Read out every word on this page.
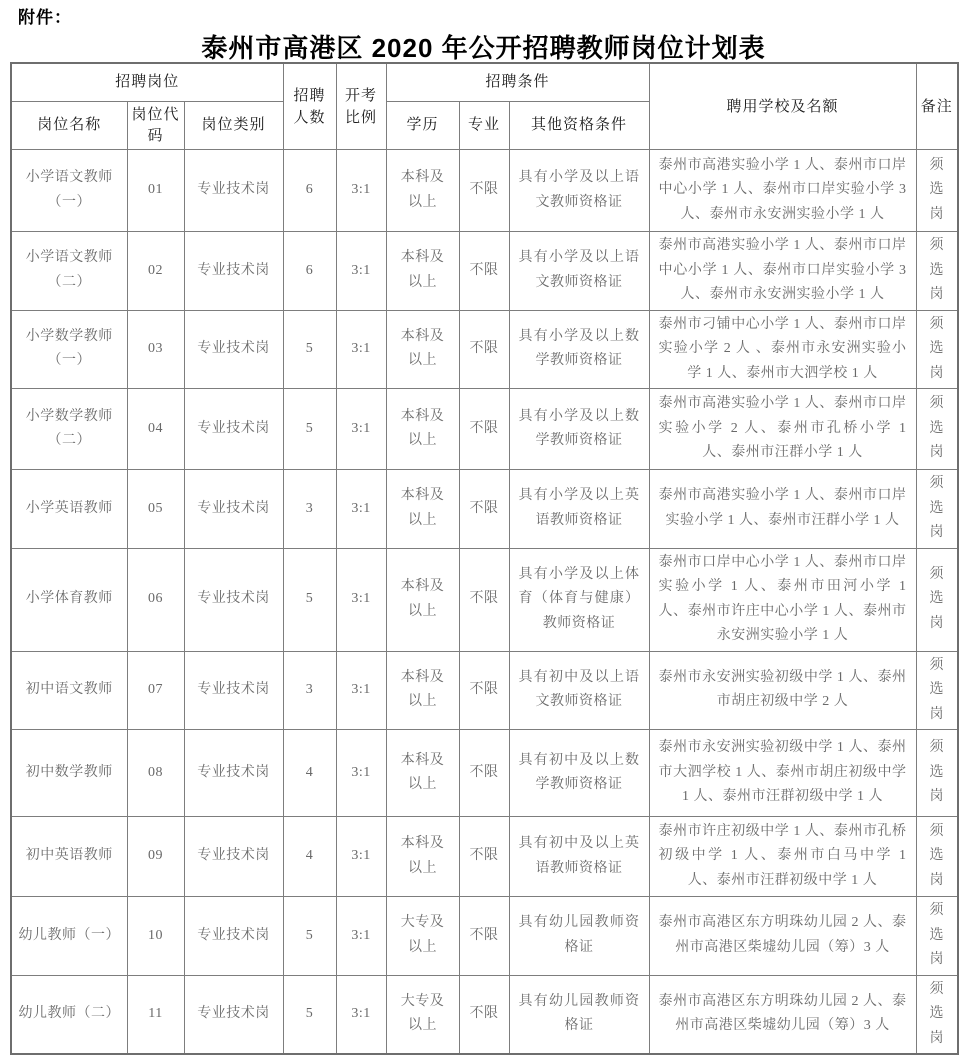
附件：
泰州市高港区 2020 年公开招聘教师岗位计划表
招聘岗位			招聘人数	开考比例	招聘条件			聘用学校及名额	备注
岗位名称	岗位代码	岗位类别			学历	专业	其他资格条件		
小学语文教师（一）	01	专业技术岗	6	3:1	本科及以上	不限	具有小学及以上语文教师资格证	泰州市高港实验小学 1 人、泰州市口岸中心小学 1 人、泰州市口岸实验小学 3 人、泰州市永安洲实验小学 1 人	须选岗
小学语文教师（二）	02	专业技术岗	6	3:1	本科及以上	不限	具有小学及以上语文教师资格证	泰州市高港实验小学 1 人、泰州市口岸中心小学 1 人、泰州市口岸实验小学 3 人、泰州市永安洲实验小学 1 人	须选岗
小学数学教师（一）	03	专业技术岗	5	3:1	本科及以上	不限	具有小学及以上数学教师资格证	泰州市刁铺中心小学 1 人、泰州市口岸实验小学 2 人 、泰州市永安洲实验小学 1 人、泰州市大泗学校 1 人	须选岗
小学数学教师（二）	04	专业技术岗	5	3:1	本科及以上	不限	具有小学及以上数学教师资格证	泰州市高港实验小学 1 人、泰州市口岸实验小学 2 人、泰州市孔桥小学 1 人、泰州市汪群小学 1 人	须选岗
小学英语教师	05	专业技术岗	3	3:1	本科及以上	不限	具有小学及以上英语教师资格证	泰州市高港实验小学 1 人、泰州市口岸实验小学 1 人、泰州市汪群小学 1 人	须选岗
小学体育教师	06	专业技术岗	5	3:1	本科及以上	不限	具有小学及以上体育（体育与健康）教师资格证	泰州市口岸中心小学 1 人、泰州市口岸实验小学 1 人、泰州市田河小学 1 人、泰州市许庄中心小学 1 人、泰州市永安洲实验小学 1 人	须选岗
初中语文教师	07	专业技术岗	3	3:1	本科及以上	不限	具有初中及以上语文教师资格证	泰州市永安洲实验初级中学 1 人、泰州市胡庄初级中学 2 人	须选岗
初中数学教师	08	专业技术岗	4	3:1	本科及以上	不限	具有初中及以上数学教师资格证	泰州市永安洲实验初级中学 1 人、泰州市大泗学校 1 人、泰州市胡庄初级中学 1 人、泰州市汪群初级中学 1 人	须选岗
初中英语教师	09	专业技术岗	4	3:1	本科及以上	不限	具有初中及以上英语教师资格证	泰州市许庄初级中学 1 人、泰州市孔桥初级中学 1 人、泰州市白马中学 1 人、泰州市汪群初级中学 1 人	须选岗
幼儿教师（一）	10	专业技术岗	5	3:1	大专及以上	不限	具有幼儿园教师资格证	泰州市高港区东方明珠幼儿园 2 人、泰州市高港区柴墟幼儿园（筹）3 人	须选岗
幼儿教师（二）	11	专业技术岗	5	3:1	大专及以上	不限	具有幼儿园教师资格证	泰州市高港区东方明珠幼儿园 2 人、泰州市高港区柴墟幼儿园（筹）3 人	须选岗
